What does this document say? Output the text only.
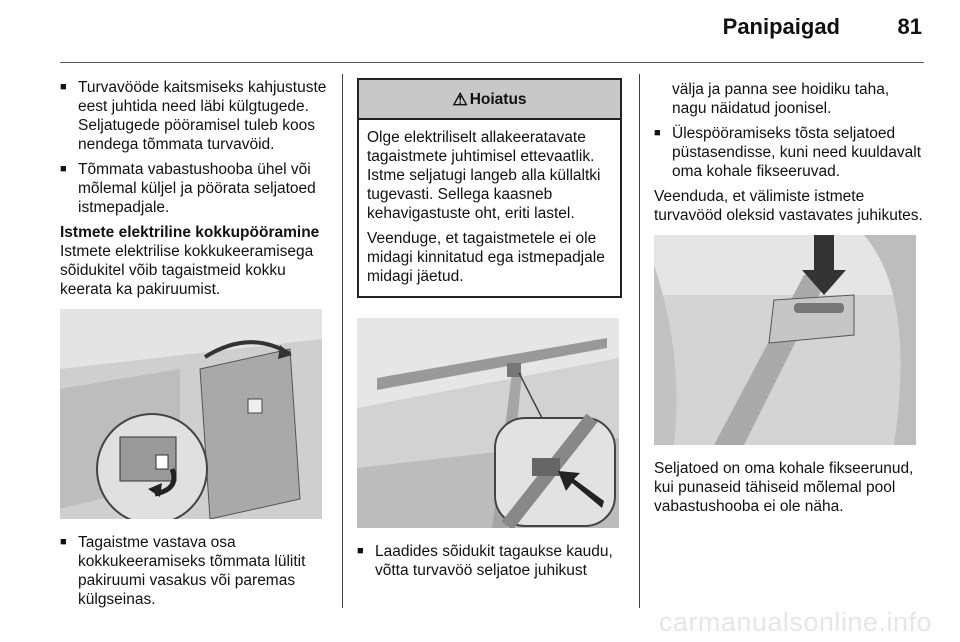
Panipaigad	81
■ Turvavööde kaitsmiseks kahjustuste eest juhtida need läbi külgtugede. Seljatugede pööramisel tuleb koos nendega tõmmata turvavöid.
■ Tõmmata vabastushooba ühel või mõlemal küljel ja pöörata seljatoed istmepadjale.
Istmete elektriline kokkupööramine

Istmete elektrilise kokkukeeramisega sõidukitel võib tagaistmeid kokku keerata ka pakiruumist.

■ Tagaistme vastava osa kokkukeeramiseks tõmmata lülitit pakiruumi vasakus või paremas külgseinas.
⚠ Hoiatus

Olge elektriliselt allakeeratavate tagaistmete juhtimisel ettevaatlik. Istme seljatugi langeb alla küllaltki tugevasti. Sellega kaasneb kehavigastuste oht, eriti lastel.

Veenduge, et tagaistmetele ei ole midagi kinnitatud ega istmepadjale midagi jäetud.

■ Laadides sõidukit tagaukse kaudu, võtta turvavöö seljatoe juhikust

välja ja panna see hoidiku taha, nagu näidatud joonisel.

■ Ülespööramiseks tõsta seljatoed püstasendisse, kuni need kuuldavalt oma kohale fikseeruvad.

Veenduda, et välimiste istmete turvavööd oleksid vastavates juhikutes.

Seljatoed on oma kohale fikseerunud, kui punaseid tähiseid mõlemal pool vabastushooba ei ole näha.

carmanualsonline.info
